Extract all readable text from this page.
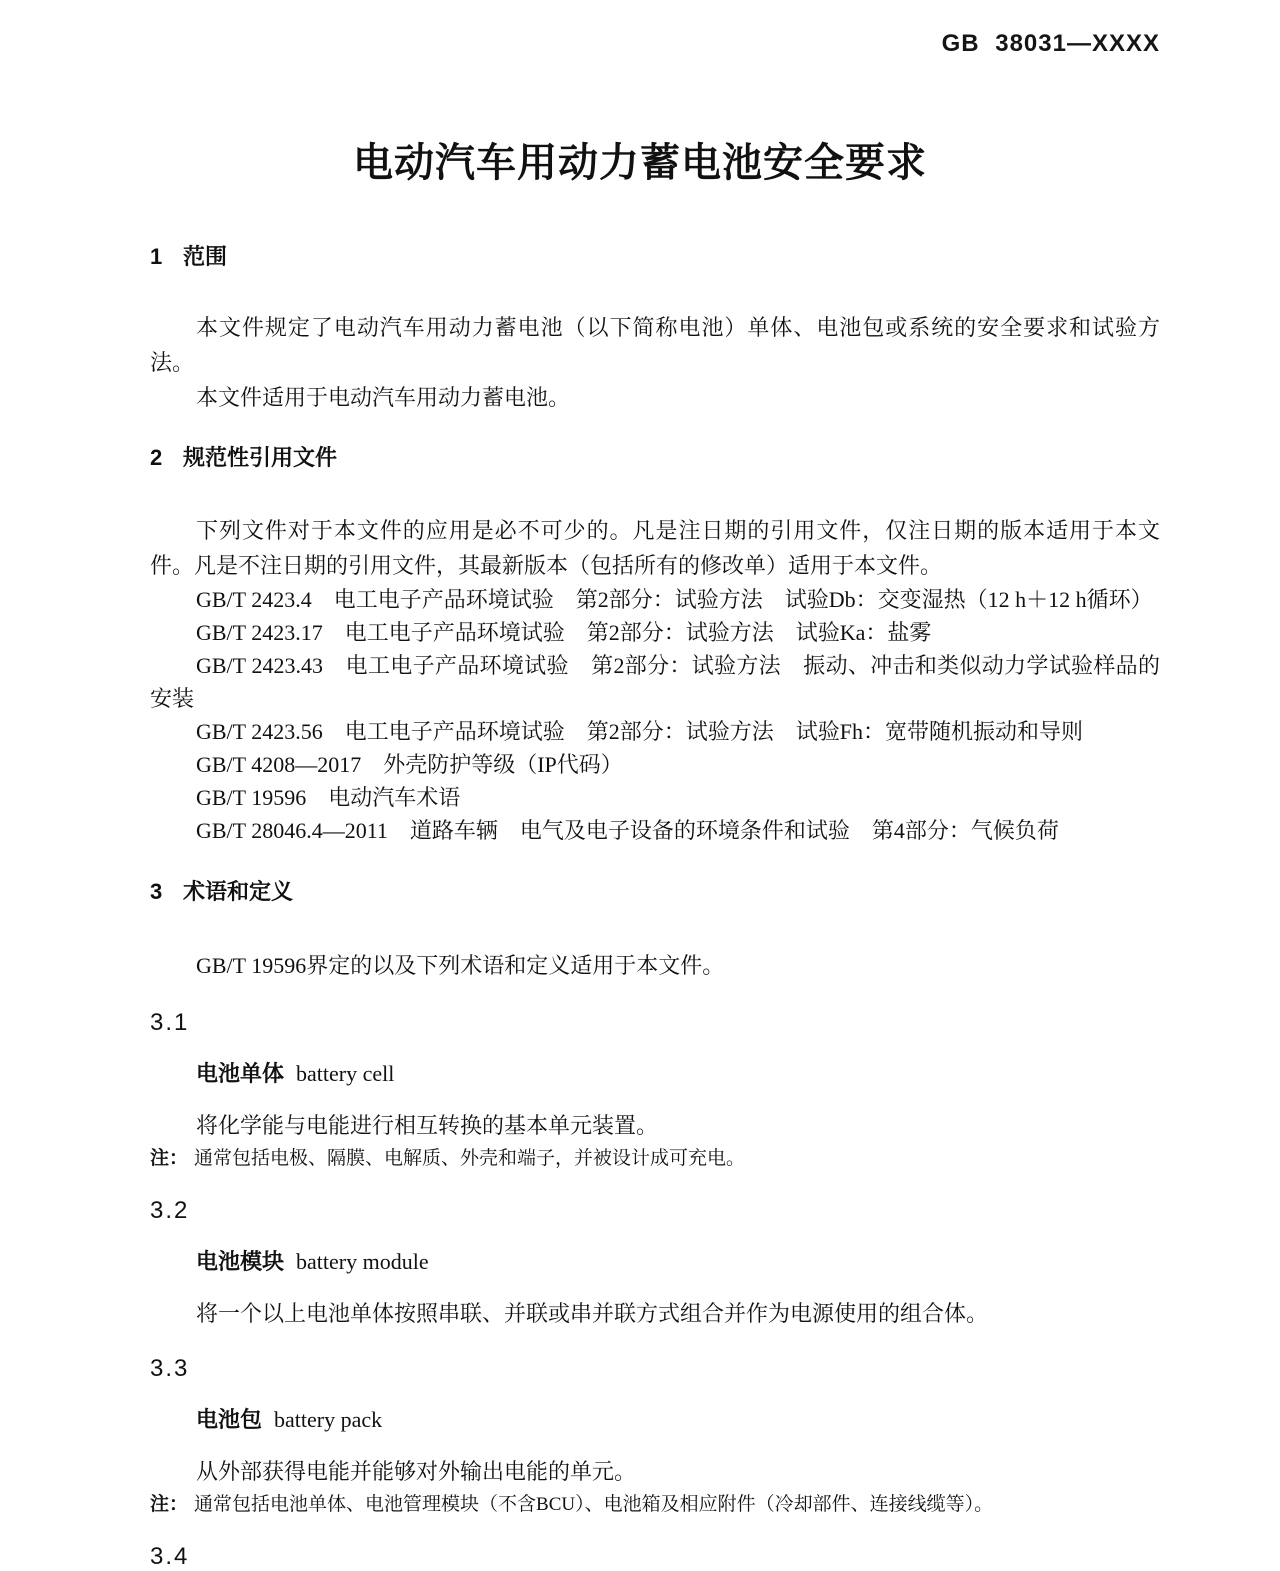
GB 38031—XXXX
电动汽车用动力蓄电池安全要求
1 范围

本文件规定了电动汽车用动力蓄电池（以下简称电池）单体、电池包或系统的安全要求和试验方法。

本文件适用于电动汽车用动力蓄电池。

2 规范性引用文件

下列文件对于本文件的应用是必不可少的。凡是注日期的引用文件，仅注日期的版本适用于本文件。凡是不注日期的引用文件，其最新版本（包括所有的修改单）适用于本文件。

GB/T 2423.4　电工电子产品环境试验　第2部分：试验方法　试验Db：交变湿热（12 h＋12 h循环）

GB/T 2423.17　电工电子产品环境试验　第2部分：试验方法　试验Ka：盐雾

GB/T 2423.43　电工电子产品环境试验　第2部分：试验方法　振动、冲击和类似动力学试验样品的安装

GB/T 2423.56　电工电子产品环境试验　第2部分：试验方法　试验Fh：宽带随机振动和导则

GB/T 4208—2017　外壳防护等级（IP代码）

GB/T 19596　电动汽车术语

GB/T 28046.4—2011　道路车辆　电气及电子设备的环境条件和试验　第4部分：气候负荷

3 术语和定义

GB/T 19596界定的以及下列术语和定义适用于本文件。

3.1
电池单体 battery cell

将化学能与电能进行相互转换的基本单元装置。

注： 通常包括电极、隔膜、电解质、外壳和端子，并被设计成可充电。

3.2
电池模块 battery module

将一个以上电池单体按照串联、并联或串并联方式组合并作为电源使用的组合体。

3.3
电池包 battery pack

从外部获得电能并能够对外输出电能的单元。

注： 通常包括电池单体、电池管理模块（不含BCU）、电池箱及相应附件（冷却部件、连接线缆等）。

3.4
